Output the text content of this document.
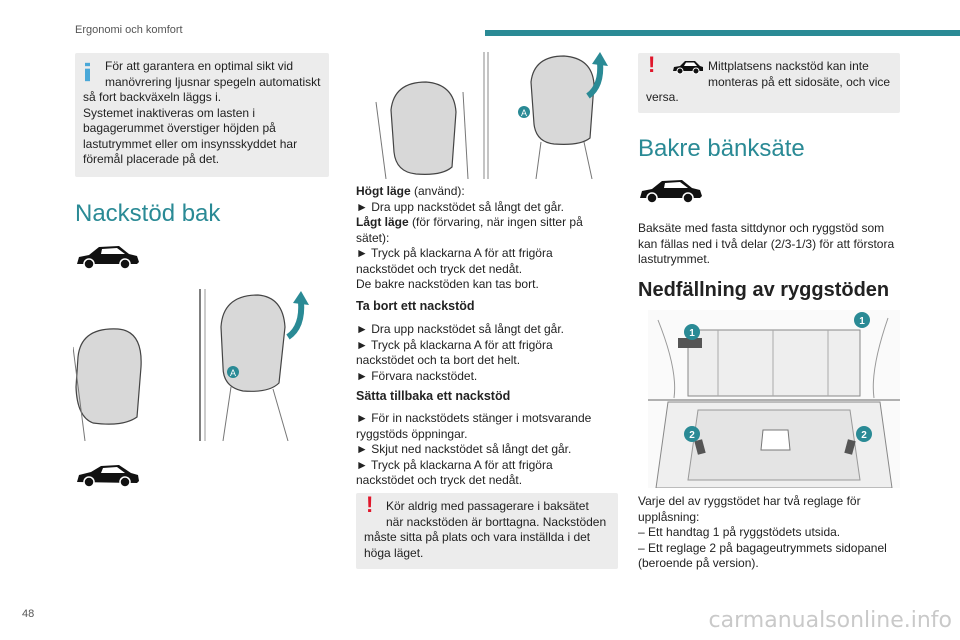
Ergonomi och komfort

För att garantera en optimal sikt vid

manövrering ljusnar spegeln automatiskt

så fort backväxeln läggs i.

Systemet inaktiveras om lasten i

bagagerummet överstiger höjden på

lastutrymmet eller om insynsskyddet har

föremål placerade på det.

Nackstöd bak
A
A

Högt läge (använd):

► Dra upp nackstödet så långt det går.

Lågt läge (för förvaring, när ingen sitter på

sätet):

► Tryck på klackarna A för att frigöra

nackstödet och tryck det nedåt.

De bakre nackstöden kan tas bort.

Ta bort ett nackstöd

► Dra upp nackstödet så långt det går.

► Tryck på klackarna A för att frigöra

nackstödet och ta bort det helt.

► Förvara nackstödet.

Sätta tillbaka ett nackstöd

► För in nackstödets stänger i motsvarande

ryggstöds öppningar.

► Skjut ned nackstödet så långt det går.

► Tryck på klackarna A för att frigöra

nackstödet och tryck det nedåt.

! Kör aldrig med passagerare i baksätet

när nackstöden är borttagna. Nackstöden

måste sitta på plats och vara inställda i det

höga läget.

!	Mittplatsens nackstöd kan inte

monteras på ett sidosäte, och vice

versa.

Bakre bänksäte

Baksäte med fasta sittdynor och ryggstöd som

kan fällas ned i två delar (2/3-1/3) för att förstora

lastutrymmet.

Nedfällning av ryggstöden
1
1
2	2

Varje del av ryggstödet har två reglage för

upplåsning:

– Ett handtag 1 på ryggstödets utsida.

– Ett reglage 2 på bagageutrymmets sidopanel

(beroende på version).

48	carmanualsonline.info
